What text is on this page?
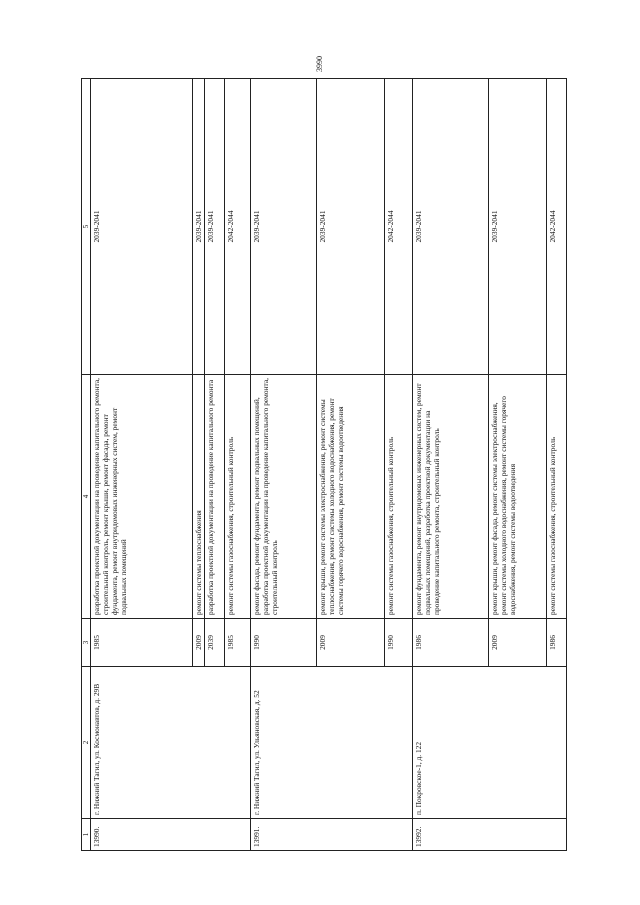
3990
1	2	3	4	5
13990.	г. Нижний Тагил, ул. Космонавтов, д. 29В	1985	разработка проектной документации на проведение капитального ремонта, строительный контроль, ремонт крыши, ремонт фасада, ремонт фундамента, ремонт внутридомовых инженерных систем, ремонт подвальных помещений	2039-2041
		2009	ремонт системы теплоснабжения	2039-2041
		2039	разработка проектной документации на проведение капитального ремонта	2039-2041
		1985	ремонт системы газоснабжения, строительный контроль	2042-2044
13991.	г. Нижний Тагил, ул. Ульяновская, д. 52	1990	ремонт фасада, ремонт фундамента, ремонт подвальных помещений, разработка проектной документации на проведение капитального ремонта, строительный контроль	2039-2041
		2009	ремонт крыши, ремонт системы электроснабжения, ремонт системы теплоснабжения, ремонт системы холодного водоснабжения, ремонт системы горячего водоснабжения, ремонт системы водоотведения	2039-2041
		1990	ремонт системы газоснабжения, строительный контроль	2042-2044
13992.	п. Покровское-1, д. 122	1986	ремонт фундамента, ремонт внутридомовых инженерных систем, ремонт подвальных помещений, разработка проектной документации на проведение капитального ремонта, строительный контроль	2039-2041
		2009	ремонт крыши, ремонт фасада, ремонт системы электроснабжения, ремонт системы холодного водоснабжения, ремонт системы горячего водоснабжения, ремонт системы водоотведения	2039-2041
		1986	ремонт системы газоснабжения, строительный контроль	2042-2044
